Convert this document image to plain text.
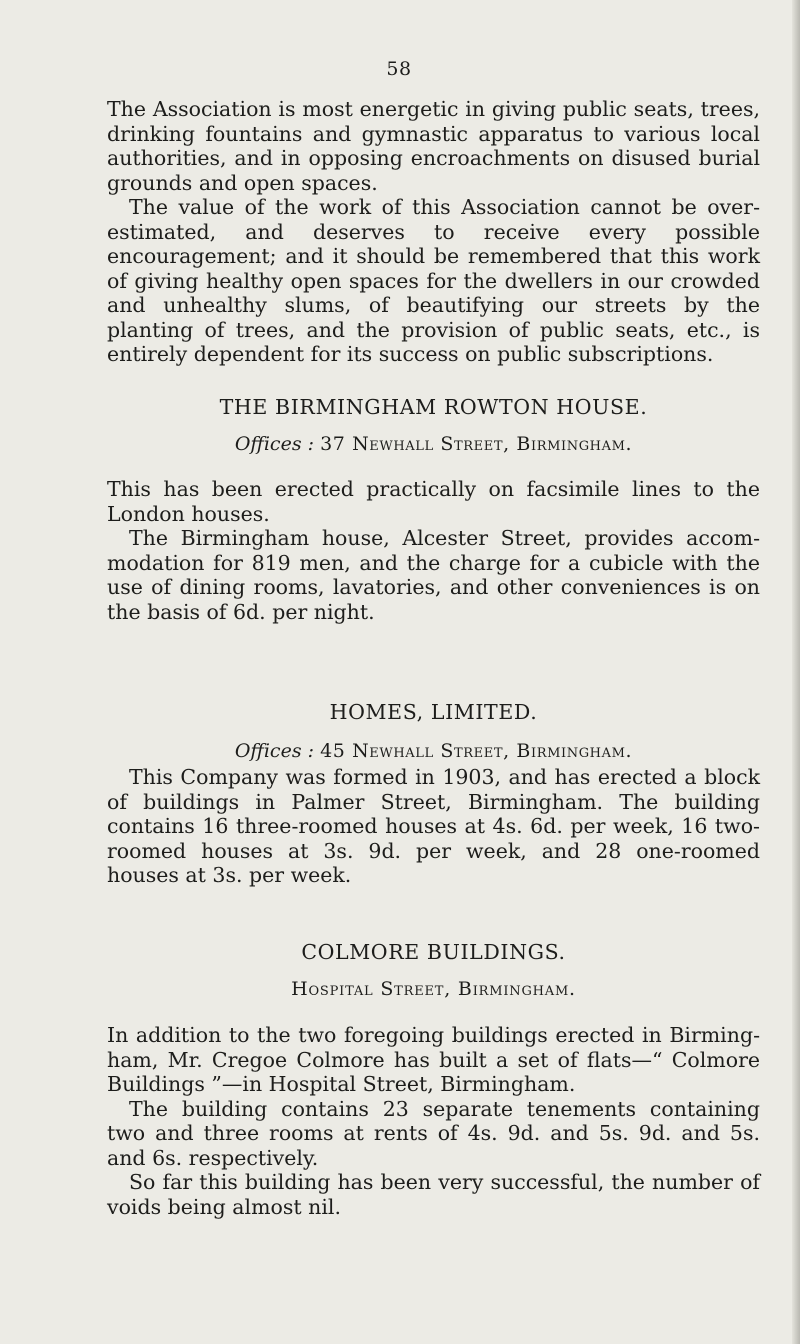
58

The Association is most energetic in giving public seats, trees, drinking fountains and gymnastic apparatus to various local authorities, and in opposing encroachments on disused burial grounds and open spaces.

The value of the work of this Association cannot be over-estimated, and deserves to receive every possible encouragement; and it should be remembered that this work of giving healthy open spaces for the dwellers in our crowded and unhealthy slums, of beautifying our streets by the planting of trees, and the provision of public seats, etc., is entirely dependent for its success on public subscriptions.

THE BIRMINGHAM ROWTON HOUSE.
Offices : 37 Newhall Street, Birmingham.

This has been erected practically on facsimile lines to the London houses.

The Birmingham house, Alcester Street, provides accom-modation for 819 men, and the charge for a cubicle with the use of dining rooms, lavatories, and other conveniences is on the basis of 6d. per night.

HOMES, LIMITED.
Offices : 45 Newhall Street, Birmingham.

This Company was formed in 1903, and has erected a block of buildings in Palmer Street, Birmingham. The building contains 16 three-roomed houses at 4s. 6d. per week, 16 two-roomed houses at 3s. 9d. per week, and 28 one-roomed houses at 3s. per week.

COLMORE BUILDINGS.
Hospital Street, Birmingham.

In addition to the two foregoing buildings erected in Birming-ham, Mr. Cregoe Colmore has built a set of flats—“ Colmore Buildings ”—in Hospital Street, Birmingham.

The building contains 23 separate tenements containing two and three rooms at rents of 4s. 9d. and 5s. 9d. and 5s. and 6s. respectively.

So far this building has been very successful, the number of voids being almost nil.
